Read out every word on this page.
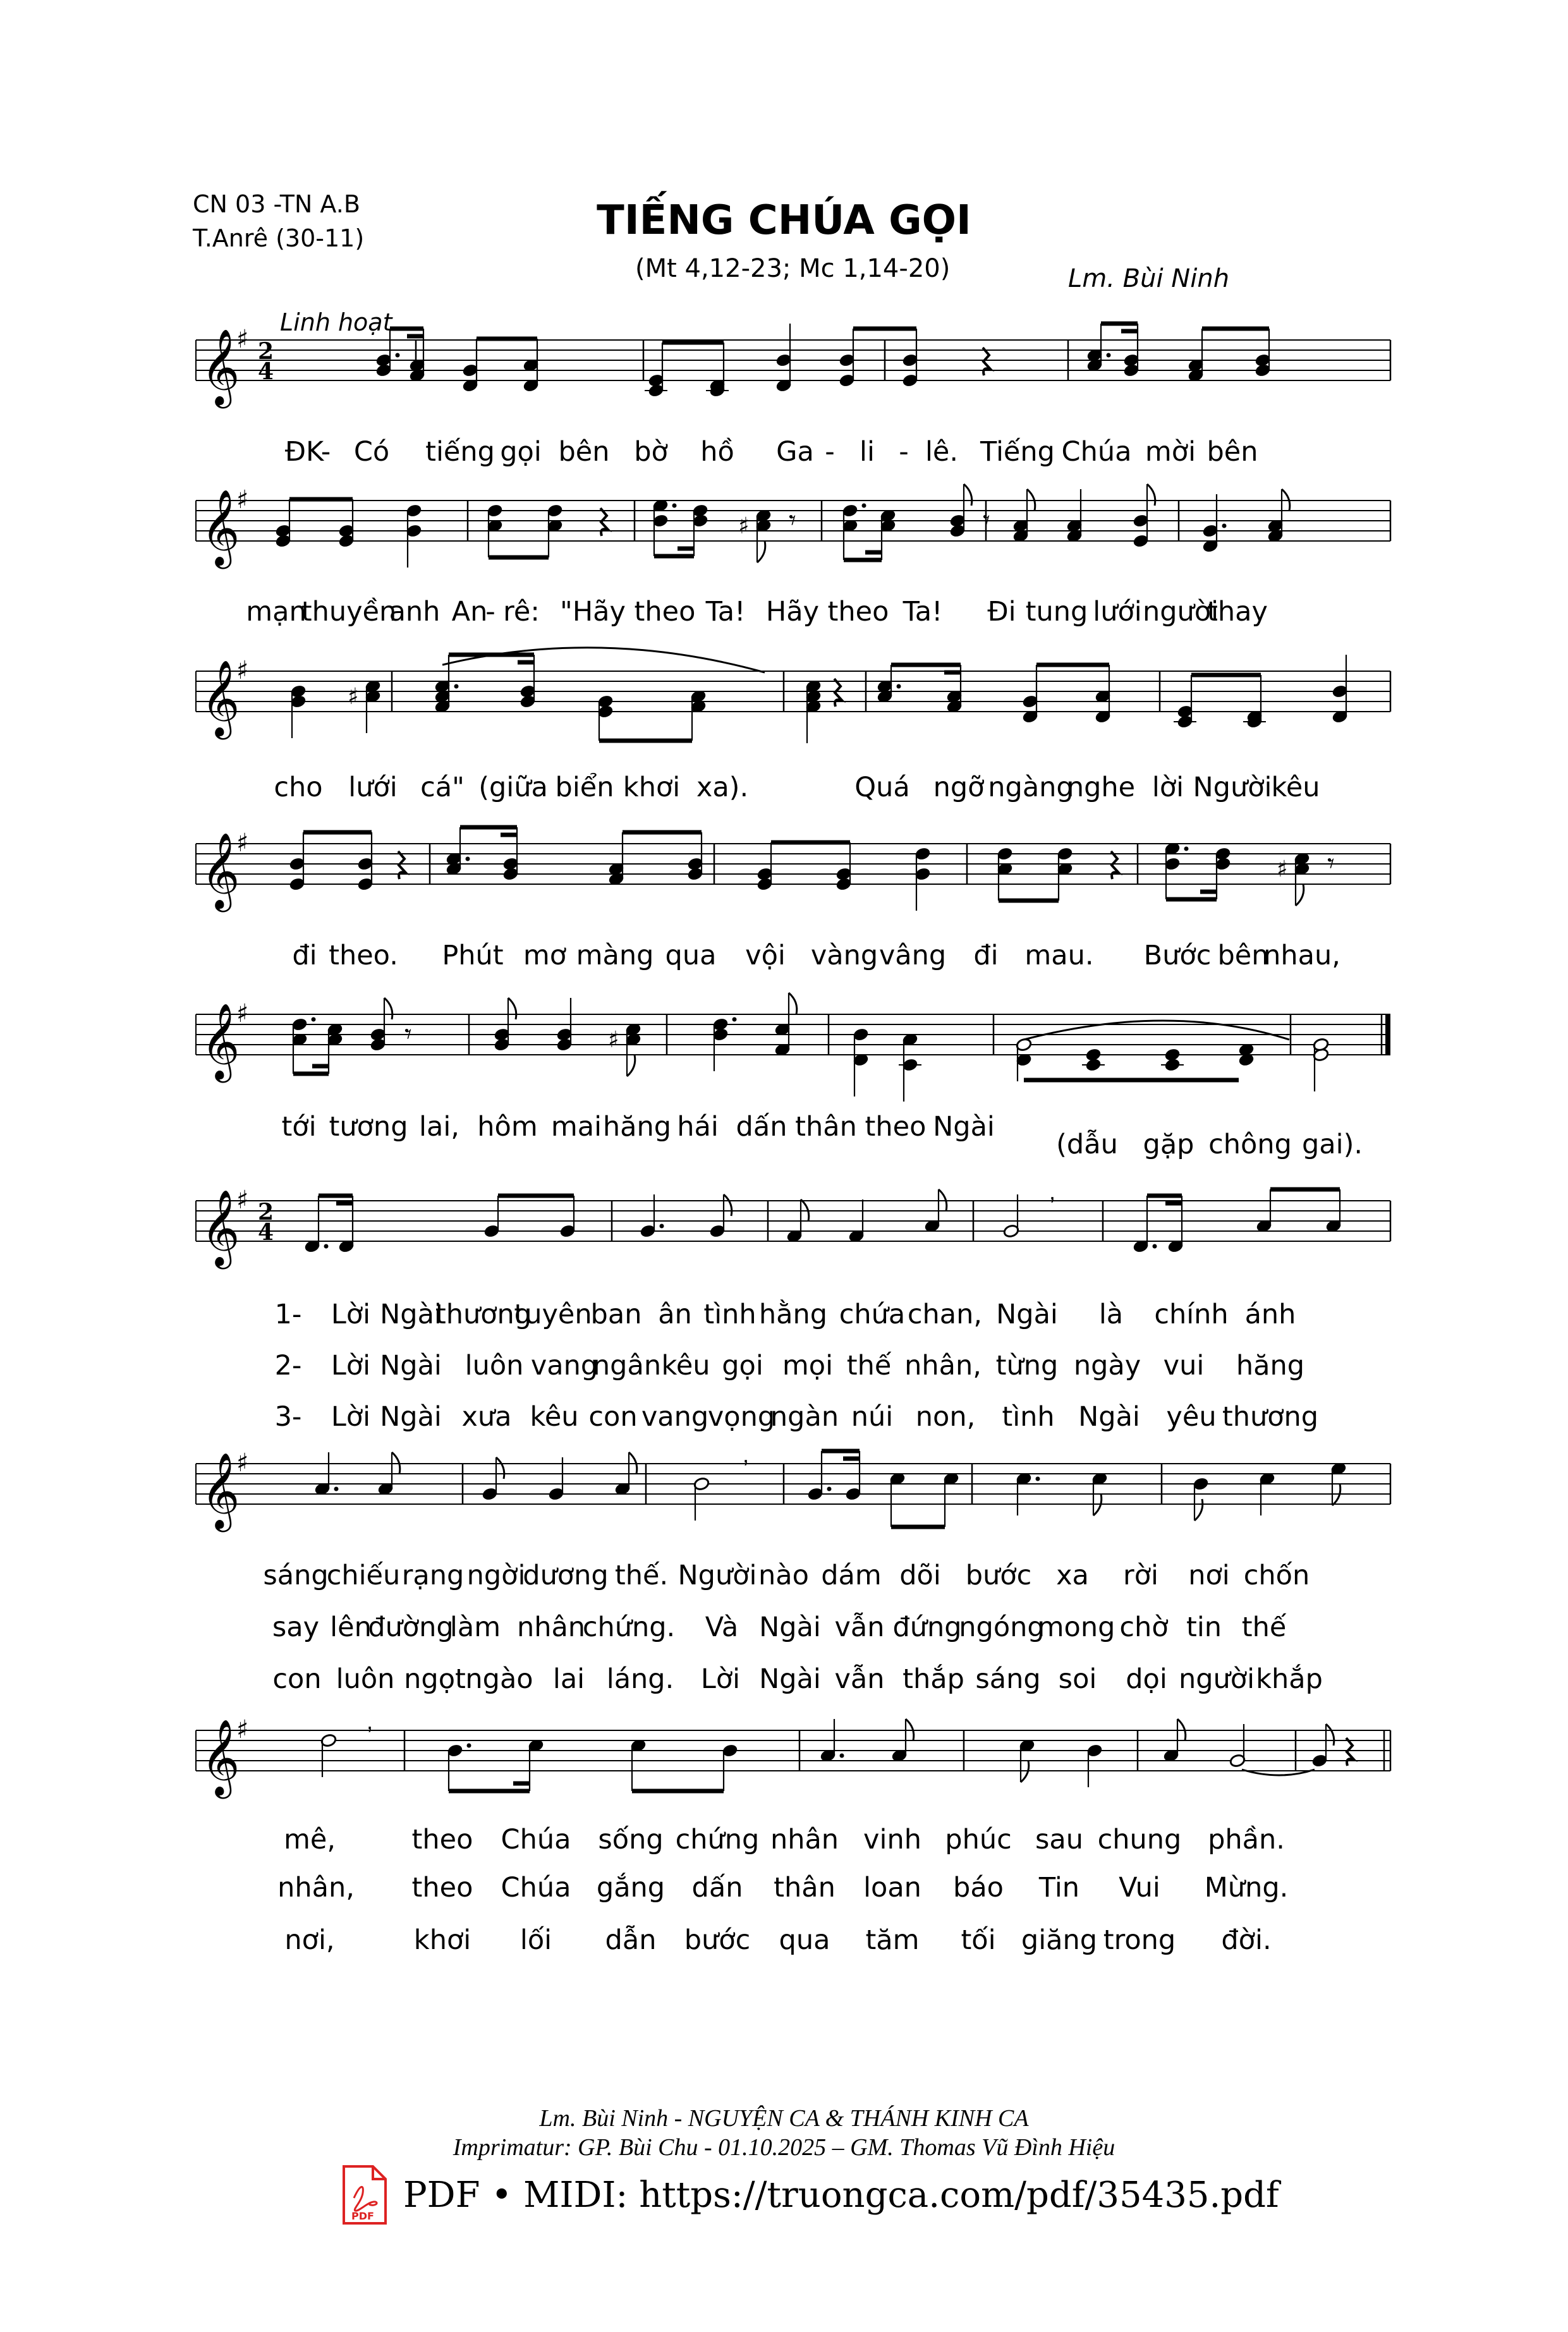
CN 03 -TN A.B
T.Anrê (30-11)	TIẾNG CHÚA GỌI
(Mt 4,12-23; Mc 1,14-20)	Lm. Bùi Ninh
Linh hoạt
𝄞
♯ 2
4
𝄞
♯
♯ 𝄾	𝄾
𝄞
♯
♯
𝄞
♯
♯ 𝄾
𝄞
♯
𝄾	♯
𝄞
♯ 2
4
,
𝄞
♯	,
𝄞
♯	,
ĐK- Có tiếng gọi bên bờ hồ Ga - li - lê. Tiếng Chúa mời bên
mạn
thuyền
anh An
- rê: "Hãy theo Ta! Hãy theo Ta! Đi tung lưới người
thay
cho lưới cá" (giữa biển khơi xa).	Quá ngỡ ngàng
nghe lời Người
kêu
đi theo. Phút mơ màng qua vội vàng vâng đi mau. Bước bên
nhau,
tới tương lai, hôm mai hăng hái dấn thân theo Ngài
(dẫu gặp chông gai).
1- Lời Ngài
thương
tuyên
ban ân tình hằng chứa chan, Ngài là chính ánh
2- Lời Ngài luôn vang
ngân kêu gọi mọi thế nhân, từng ngày vui hăng
3- Lời Ngài xưa kêu con vang
vọng
ngàn núi non, tình Ngài yêu thương
sáng
chiếu rạng ngời
dương thế. Người nào dám dõi bước xa rời nơi chốn
say lên
đường
làm nhân
chứng. Và Ngài vẫn đứng
ngóng
mong chờ tin thế
con luôn ngọt ngào lai láng. Lời Ngài vẫn thắp sáng soi dọi người khắp
mê,	theo Chúa sống chứng nhân vinh phúc sau chung phần.
nhân, theo Chúa gắng dấn thân loan báo Tin Vui Mừng.
nơi,	khơi lối dẫn bước qua tăm tối giăng trong đời.
Lm. Bùi Ninh - NGUYỆN CA & THÁNH KINH CA
Imprimatur: GP. Bùi Chu - 01.10.2025 – GM. Thomas Vũ Đình Hiệu
PDF
PDF • MIDI: https://truongca.com/pdf/35435.pdf
